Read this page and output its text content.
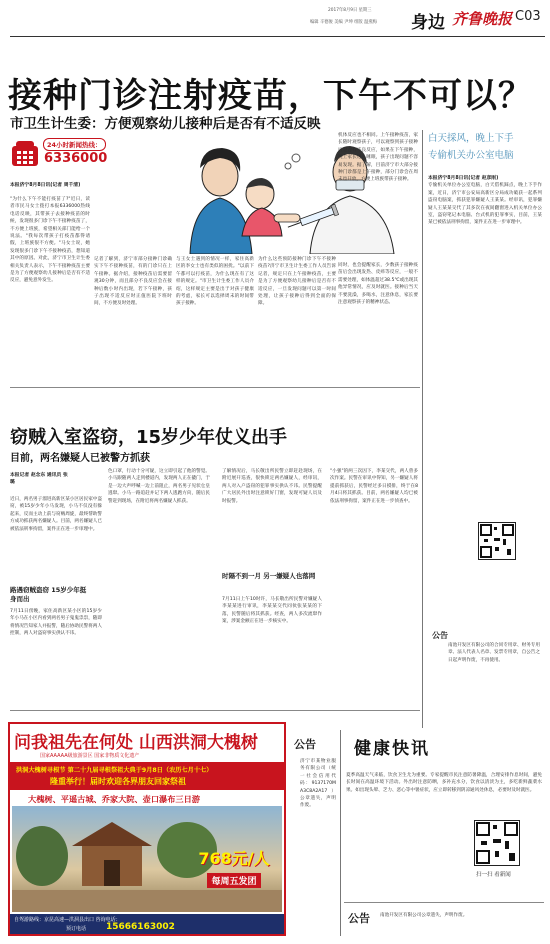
2017年8月9日 星期三
编辑 辛德俊 美编 尹坤 组版 温燕梅 身边 齐鲁晚报 C03
接种门诊注射疫苗，下午不可以？
市卫生计生委：方便观察幼儿接种后是否有不适反映
24小时新闻热线：
6336000
本报济宁8月8日讯(记者 周千清)
"为什么下午不能打疫苗了?"近日，读者市民马女士拨打本报6336000热线电话反映，其带孩子去接种疫苗的时候，发现很多门诊下午不接种疫苗了，不方便上班族，希望相关部门能给一个说法。"我每次带孩子打疫苗都得请假，上班族很不方便。"马女士说，她发现很多门诊下午不接种疫苗，想知道其中的原因。对此，济宁市卫生计生委相关负责人表示，下午不接种疫苗主要是为了方便观察幼儿接种后是否有不适反应，避免意外发生。
记者了解到，济宁市部分接种门诊确实下午不接种疫苗，有的门诊只在上午接种。据介绍，接种疫苗后需要留观30分钟，而且部分不良反应会在接种后数小时内出现，若下午接种，孩子出现不适反应时正值医院下班时间，不方便及时处理。
与王女士遇到的情况一样，家住高新区的李女士也有类似的困扰。"以前下午都可以打疫苗，为什么现在有了这样的规定。"市卫生计生委工作人员介绍，这样规定主要是出于对孩子健康的考虑，家长可以选择周末的时间带孩子接种。
为什么这些预防接种门诊下午不接种疫苗?济宁市卫生计生委工作人员告诉记者，规定只在上午接种疫苗，主要是为了方便观察幼儿接种后是否有不适反应，一旦发现问题可以第一时间处理，让孩子接种后得到全面的保障。
机体反应也不相同。上午接种疫苗，家长随时观察孩子，可以观察到孩子接种后是否有不良反应，如果在下午接种，晚上家长进入睡眠，孩子出现问题不容易发现。据了解，目前济宁市大部分接种门诊都是上午接种，部分门诊会在周末也开放，方便上班族带孩子接种。
同时，也会提醒家长，少数孩子接种疫苗后会出现发热、皮疹等反应，一般不需要处理，如体温超过38.5℃或出现其他异常情况，应及时就医。接种后当天不要洗澡，多喝水，注意休息，家长要注意观察孩子的精神状态。
白天採风，晚上下手
专偷机关办公室电脑
本报济宁8月8日讯(记者 赵彦刚)
专偷机关单位办公室电脑，白天借机踩点，晚上下手作案，近日，济宁市公安局高新区分局成功破获一起系列盗窃电脑案，抓获犯罪嫌疑人王某某。经审讯，犯罪嫌疑人王某某交代了其多次在夜间翻窗进入机关单位办公室，盗窃笔记本电脑、台式机的犯罪事实，目前，王某某已被依法刑事拘留，案件正在进一步审理中。
窃贼入室盗窃，15岁少年仗义出手
目前，两名嫌疑人已被警方抓获
本报记者 赵念东 通讯员 张璐
近日，两名男子溜进高新区某小区居民家中盗窃，被15岁少年小马发现，小马不仅没有躲起来，反而主动上前与窃贼周旋，最终帮助警方成功抓获两名嫌疑人。目前，两名嫌疑人已被依法刑事拘留，案件正在进一步审理中。
路遇窃贼盗窃 15岁少年挺身而出
7月11日傍晚，家住高新区某小区的15岁少年小马在小区内看到两名男子鬼鬼祟祟，随即将情况告知家人并报警，随后协助民警将两人控制，两人对盗窃事实供认不讳。
色口罩，行动十分可疑，这立即引起了他的警觉。小马跟随两人走到楼道内，发现两人正在撬门，于是一边大声呼喊一边上前阻止，两名男子见状仓皇逃窜。小马一路追赶并记下两人逃跑方向，随后民警赶到现场，在附近将两名嫌疑人抓获。
了解情况后，马长敬出所民警立即赶赴现场，在附近展开巡查，很快锁定两名嫌疑人，经审讯，两人对入户盗窃的犯罪事实供认不讳。民警提醒广大居民外出时注意锁好门窗，发现可疑人员及时报警。
时隔不到一月 另一嫌疑人也落网
7月11日上午10时许，马长敬出所民警对嫌疑人李某某进行审讯，李某某交代同伙张某某的下落，民警随后将其抓获。经查，两人多次流窜作案，涉案金额正在进一步核实中。
"小强"的两三次因下，李某交代，两人曾多次作案。民警在审讯中得知，另一嫌疑人将提前抓获后，民警经过多日摸排，终于在8月4日将其抓获。目前，两名嫌疑人均已被依法刑事拘留，案件正在进一步侦查中。
公告
南池开发区有限公司的合同专用章、财务专用章、法人代表人名章、发票专用章，自公告之日起声明作废，不再使用。
问我祖先在何处 山西洪洞大槐树
国家AAAAA级旅游景区 国家非物质文化遗产
洪洞大槐树寻根节 第二十九届寻根祭祖大典于9月8日（农历七月十七）
隆重举行！届时欢迎各界朋友回家祭祖
大槐树、平遥古城、乔家大院、壶口瀑布三日游
768元/人
每周五发团
自驾游路线：京昆高速—洪洞县出口 咨询电话：
15666163002
预订电话
公告
济宁市某物业服务有限公司（统一社会信用代码：9137170MA3C8A2A17）公章遗失，声明作废。
健康快讯
夏季高温天气来临，饮食卫生尤为重要。专家提醒市民注意防暑降温，合理安排作息时间，避免长时间在高温环境下活动。外出时注意防晒，多补充水分，饮食以清淡为主，多吃新鲜蔬菜水果。如出现头晕、乏力、恶心等中暑症状，应立即转移到阴凉通风处休息，必要时及时就医。
扫一扫 看新闻
公告 南池开发区有限公司公章遗失，声明作废。
